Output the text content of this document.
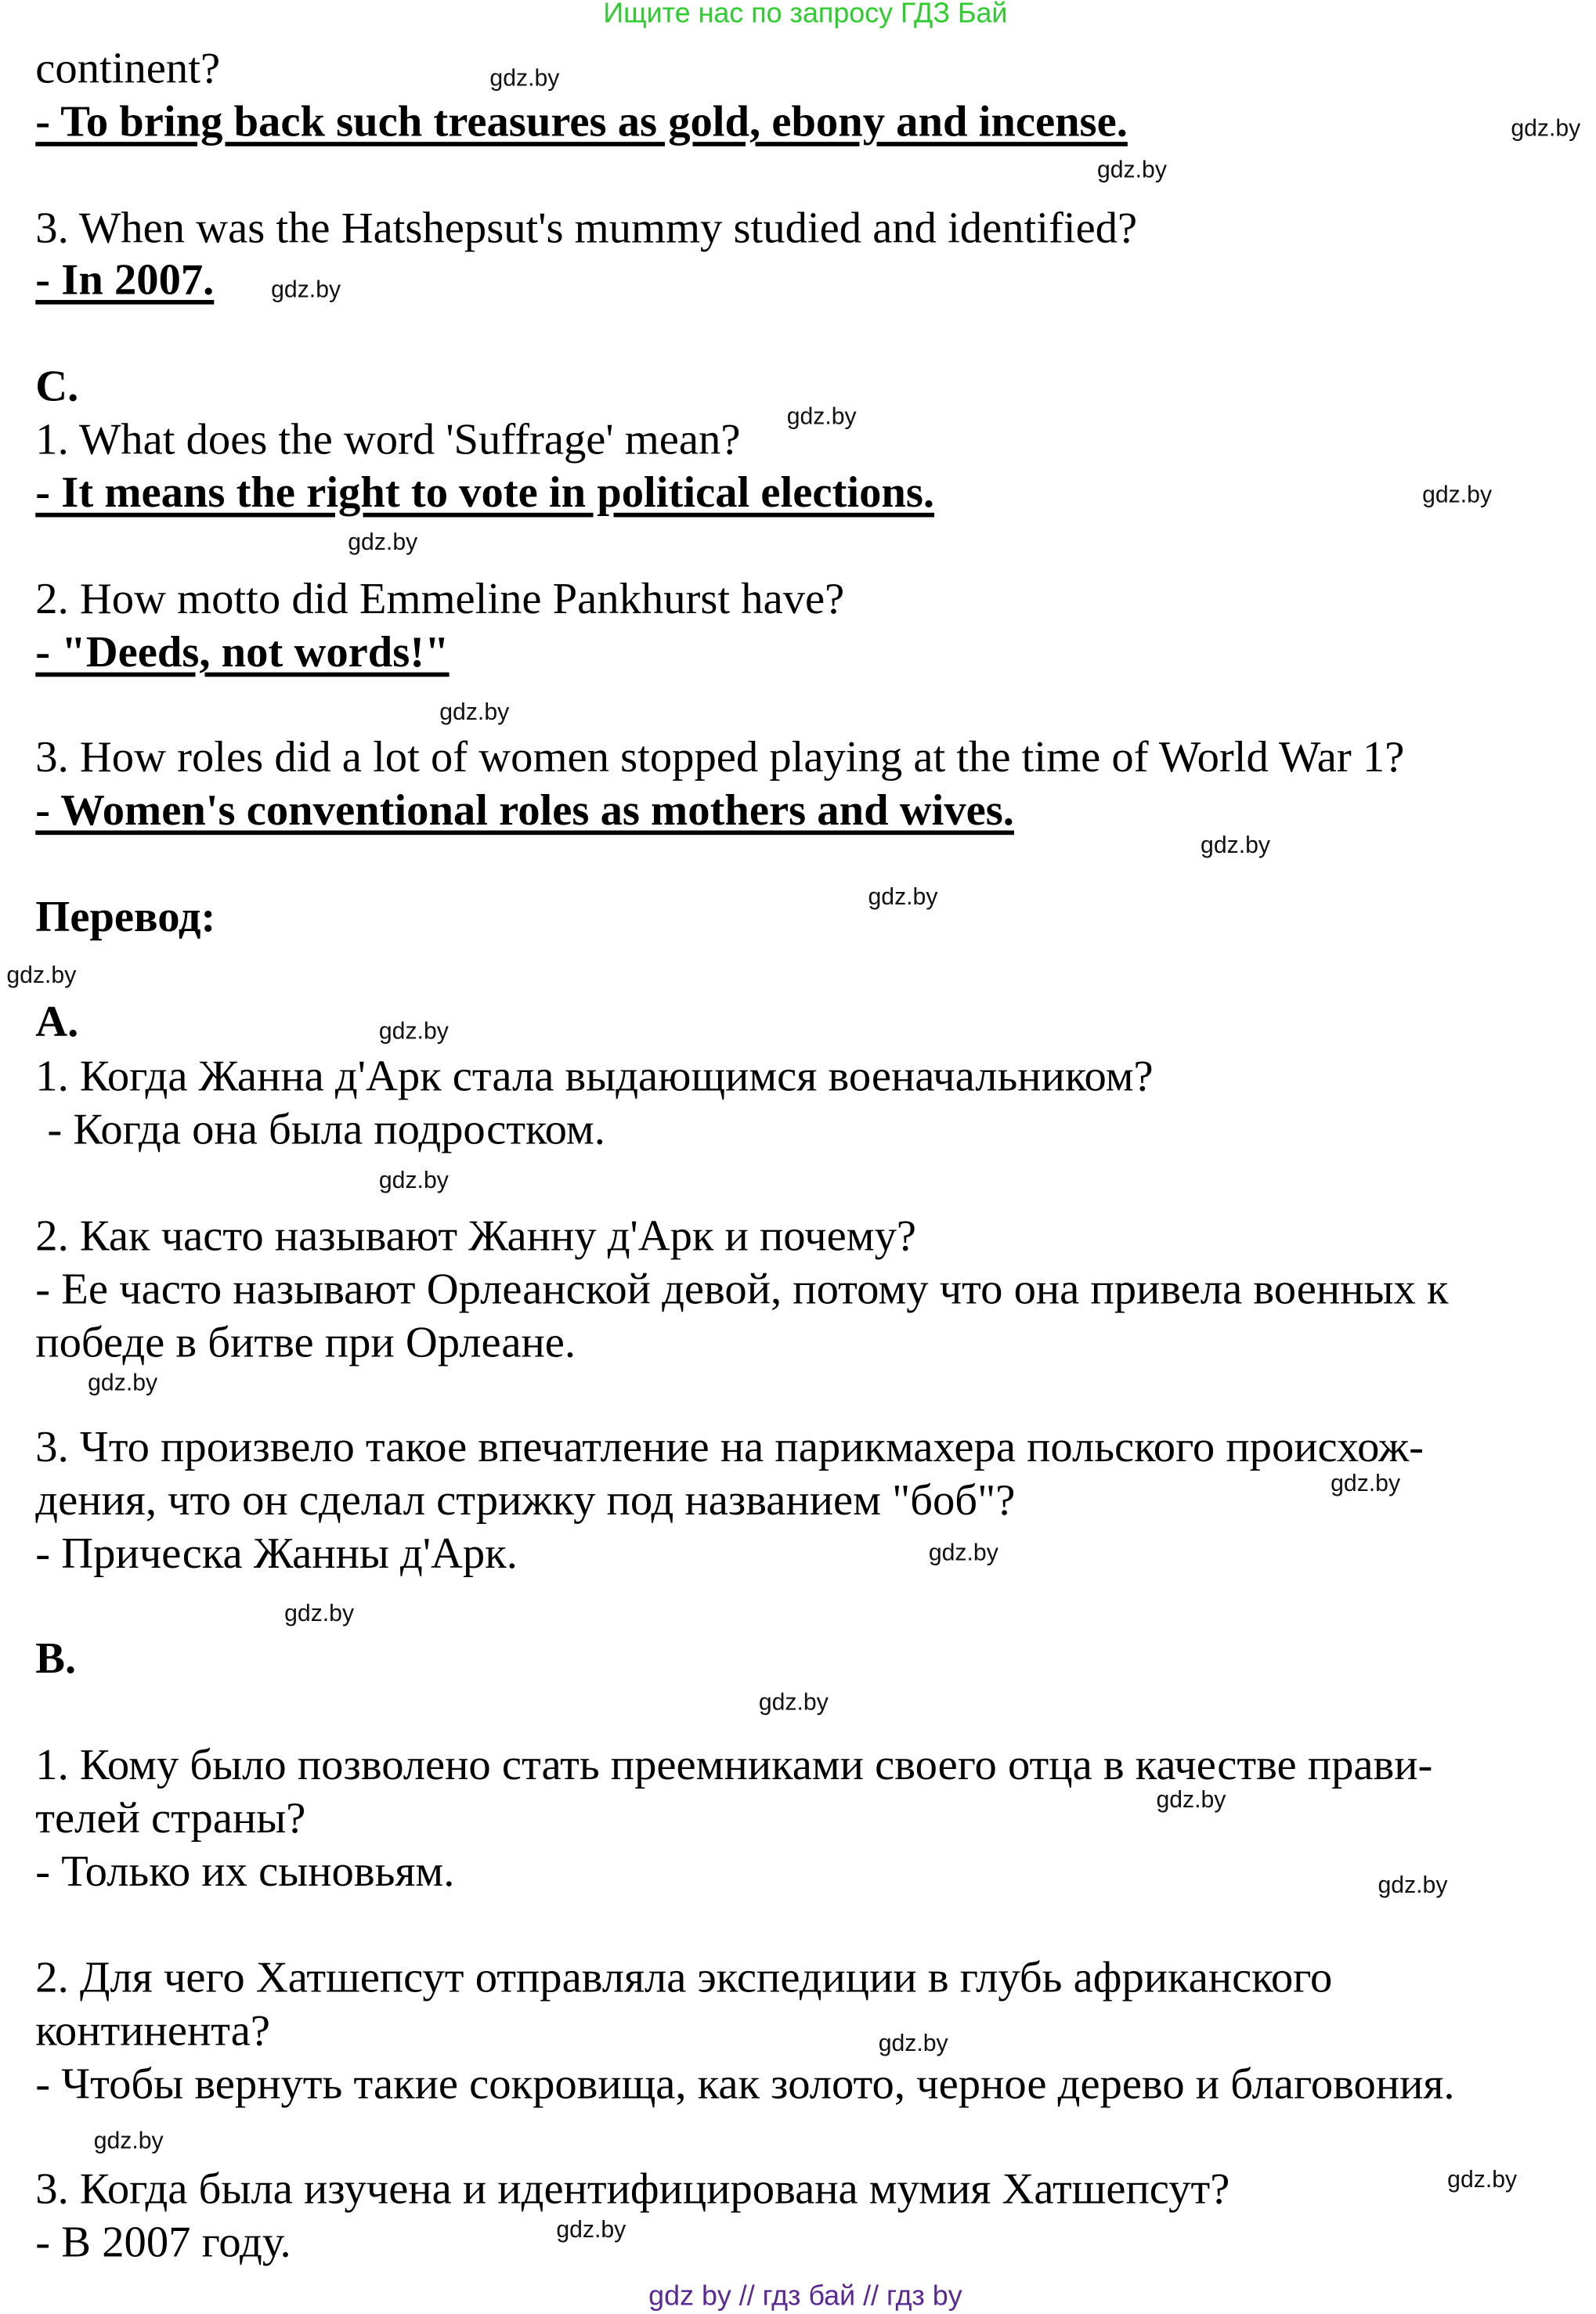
Ищите нас по запросу ГДЗ Бай
continent?
- To bring back such treasures as gold, ebony and incense.
3. When was the Hatshepsut's mummy studied and identified?
- In 2007.
C.
1. What does the word 'Suffrage' mean?
- It means the right to vote in political elections.
2. How motto did Emmeline Pankhurst have?
- "Deeds, not words!"
3. How roles did a lot of women stopped playing at the time of World War 1?
- Women's conventional roles as mothers and wives.
Перевод:
A.
1. Когда Жанна д'Арк стала выдающимся военачальником?
- Когда она была подростком.
2. Как часто называют Жанну д'Арк и почему?
- Ее часто называют Орлеанской девой, потому что она привела военных к
победе в битве при Орлеане.
3. Что произвело такое впечатление на парикмахера польского происхож-
дения, что он сделал стрижку под названием "боб"?
- Прическа Жанны д'Арк.
B.
1. Кому было позволено стать преемниками своего отца в качестве прави-
телей страны?
- Только их сыновьям.
2. Для чего Хатшепсут отправляла экспедиции в глубь африканского
континента?
- Чтобы вернуть такие сокровища, как золото, черное дерево и благовония.
3. Когда была изучена и идентифицирована мумия Хатшепсут?
- В 2007 году.
gdz.by
gdz.by
gdz.by
gdz.by
gdz.by
gdz.by
gdz.by
gdz.by
gdz.by
gdz.by
gdz.by
gdz.by
gdz.by
gdz.by
gdz.by
gdz.by
gdz.by
gdz.by
gdz.by
gdz.by
gdz.by
gdz.by
gdz.by
gdz.by
gdz by // гдз бай // гдз by
